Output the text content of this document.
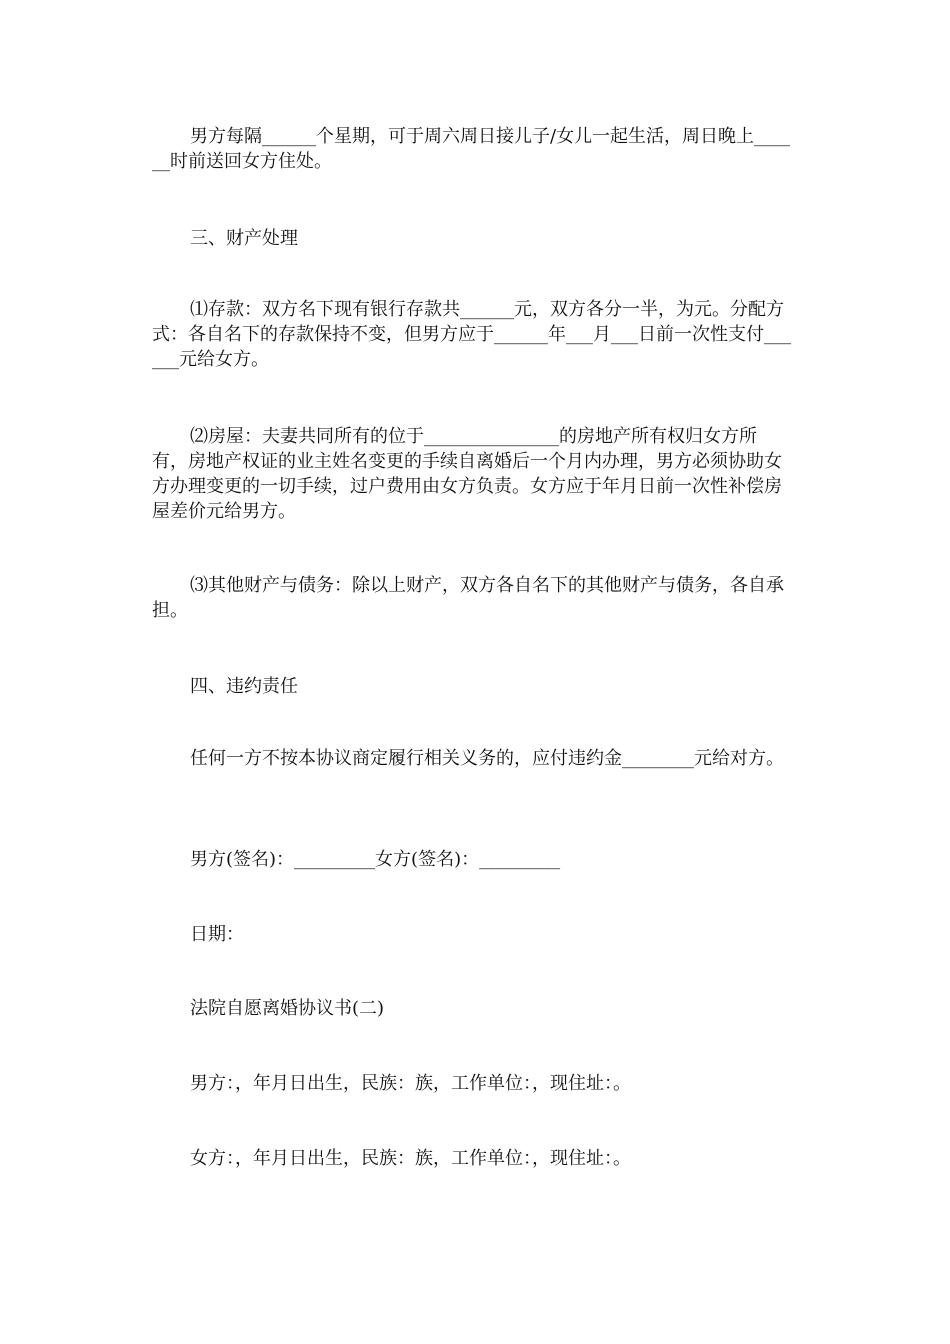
男方每隔______个星期，可于周六周日接儿子/女儿一起生活，周日晚上______时前送回女方住处。

三、财产处理

⑴存款：双方名下现有银行存款共______元，双方各分一半，为元。分配方式：各自名下的存款保持不变，但男方应于______年___月___日前一次性支付______元给女方。

⑵房屋：夫妻共同所有的位于_______________的房地产所有权归女方所有，房地产权证的业主姓名变更的手续自离婚后一个月内办理，男方必须协助女方办理变更的一切手续，过户费用由女方负责。女方应于年月日前一次性补偿房屋差价元给男方。

⑶其他财产与债务：除以上财产，双方各自名下的其他财产与债务，各自承担。

四、违约责任

任何一方不按本协议商定履行相关义务的，应付违约金________元给对方。

男方(签名)：_________女方(签名)：_________

日期：

法院自愿离婚协议书(二)

男方：，年月日出生，民族：族，工作单位：，现住址：。

女方：，年月日出生，民族：族，工作单位：，现住址：。
